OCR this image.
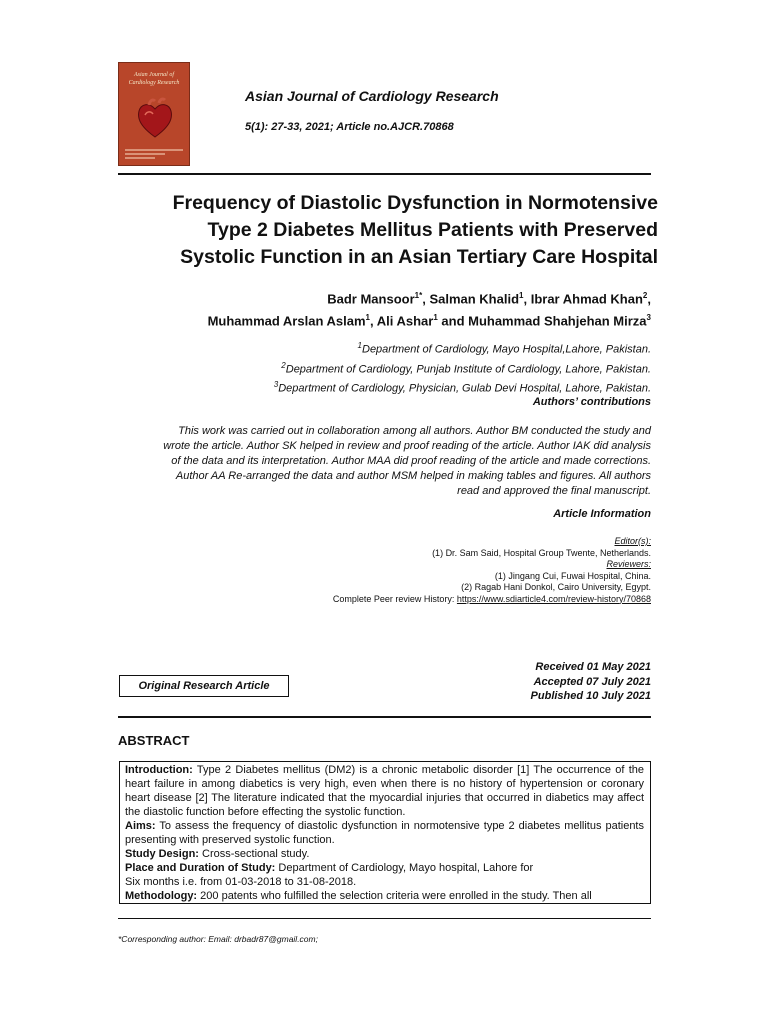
Asian Journal of
Cardiology Research
Asian Journal of Cardiology Research
5(1): 27-33, 2021; Article no.AJCR.70868
Frequency of Diastolic Dysfunction in Normotensive
Type 2 Diabetes Mellitus Patients with Preserved
Systolic Function in an Asian Tertiary Care Hospital
Badr Mansoor$^{1*}$, Salman Khalid$^1$, Ibrar Ahmad Khan$^2$,
Muhammad Arslan Aslam$^1$, Ali Ashar$^1$ and Muhammad Shahjehan Mirza$^3$
$^1$Department of Cardiology, Mayo Hospital,Lahore, Pakistan.
$^2$Department of Cardiology, Punjab Institute of Cardiology, Lahore, Pakistan.
$^3$Department of Cardiology, Physician, Gulab Devi Hospital, Lahore, Pakistan.
Authors’ contributions
This work was carried out in collaboration among all authors. Author BM conducted the study and
wrote the article. Author SK helped in review and proof reading of the article. Author IAK did analysis
of the data and its interpretation. Author MAA did proof reading of the article and made corrections.
Author AA Re-arranged the data and author MSM helped in making tables and figures. All authors
read and approved the final manuscript.
Article Information
Editor(s):
(1) Dr. Sam Said, Hospital Group Twente, Netherlands.
Reviewers:
(1) Jingang Cui, Fuwai Hospital, China.
(2) Ragab Hani Donkol, Cairo University, Egypt.
Complete Peer review History: https://www.sdiarticle4.com/review-history/70868
Original Research Article
Received 01 May 2021
Accepted 07 July 2021
Published 10 July 2021
ABSTRACT

Introduction: Type 2 Diabetes mellitus (DM2) is a chronic metabolic disorder [1] The occurrence of the heart failure in among diabetics is very high, even when there is no history of hypertension or coronary heart disease [2] The literature indicated that the myocardial injuries that occurred in diabetics may affect the diastolic function before effecting the systolic function.

Aims: To assess the frequency of diastolic dysfunction in normotensive type 2 diabetes mellitus patients presenting with preserved systolic function.

Study Design: Cross-sectional study.

Place and Duration of Study: Department of Cardiology, Mayo hospital, Lahore for

Six months i.e. from 01-03-2018 to 31-08-2018.

Methodology: 200 patents who fulfilled the selection criteria were enrolled in the study. Then all

*Corresponding author: Email: drbadr87@gmail.com;
